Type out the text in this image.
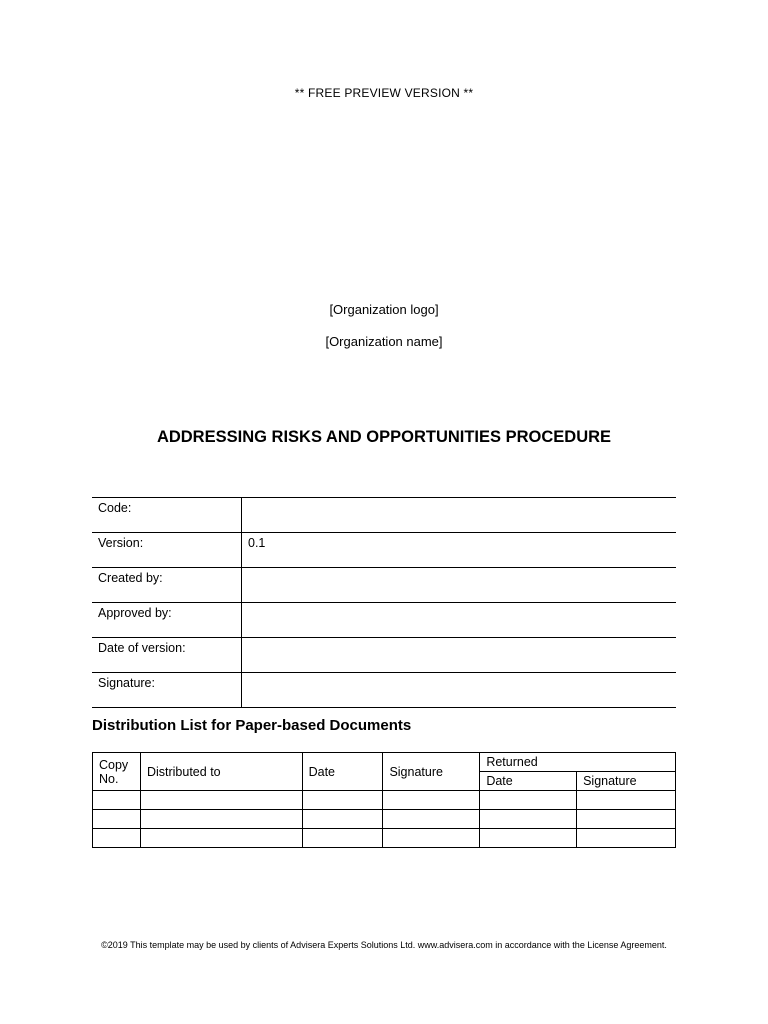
** FREE PREVIEW VERSION **
[Organization logo]
[Organization name]
ADDRESSING RISKS AND OPPORTUNITIES PROCEDURE
Code:	
Version:	0.1
Created by:	
Approved by:	
Date of version:	
Signature:	
Distribution List for Paper-based Documents
Copy No.	Distributed to	Date	Signature	Returned	
				Date	Signature

©2019 This template may be used by clients of Advisera Experts Solutions Ltd. www.advisera.com in accordance with the License Agreement.
